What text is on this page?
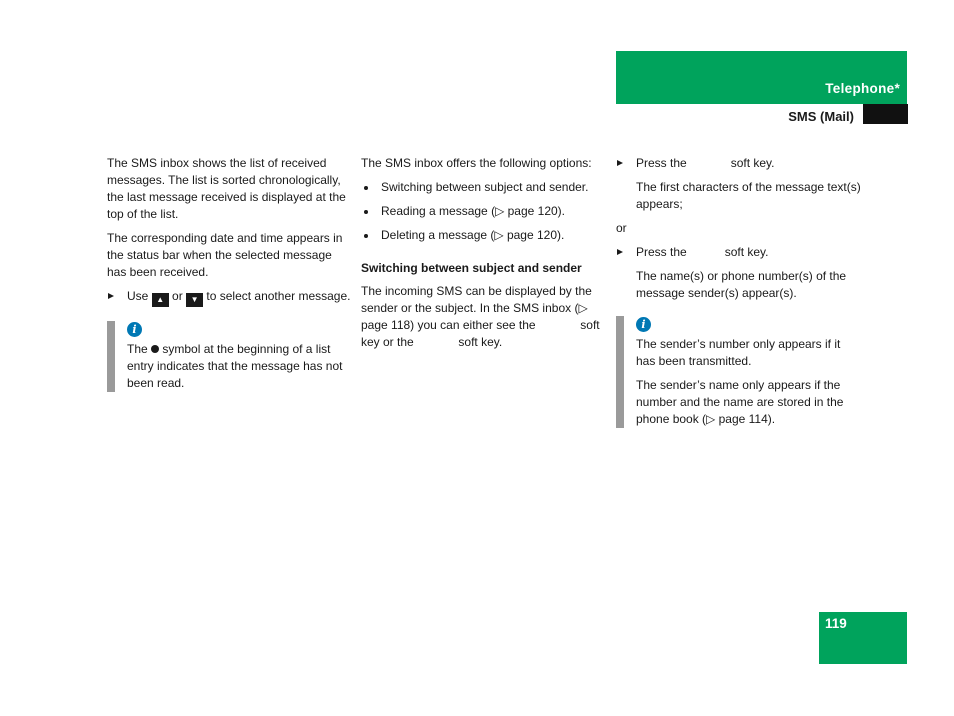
Telephone*
SMS (Mail)

The SMS inbox shows the list of received messages. The list is sorted chronologically, the last message received is displayed at the top of the list.

The corresponding date and time appears in the status bar when the selected message has been received.

Use ▲ or ▼ to select another message.
i
The symbol at the beginning of a list entry indicates that the message has not been read.

The SMS inbox offers the following options:

Switching between subject and sender.
Reading a message (▷ page 120).
Deleting a message (▷ page 120).
Switching between subject and sender

The incoming SMS can be displayed by the sender or the subject. In the SMS inbox (▷ page 118) you can either see the	soft key or the	soft key.

Press the	soft key.

The first characters of the message text(s) appears;

or

Press the	soft key.

The name(s) or phone number(s) of the message sender(s) appear(s).

i

The sender’s number only appears if it has been transmitted.

The sender’s name only appears if the number and the name are stored in the phone book (▷ page 114).

119
